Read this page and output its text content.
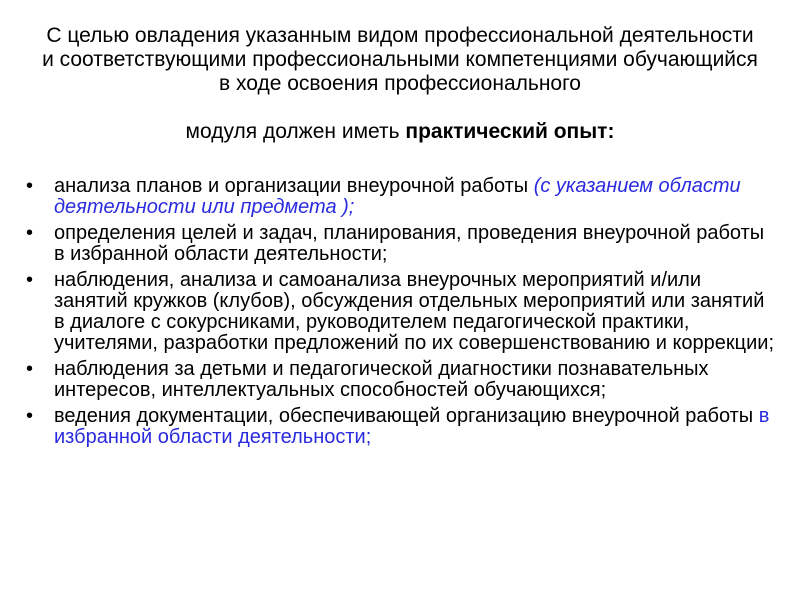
С целью овладения указанным видом профессиональной деятельности и соответствующими профессиональными компетенциями обучающийся в ходе освоения профессионального

модуля должен иметь практический опыт:

• анализа планов и организации внеурочной работы (с указанием области деятельности или предмета );
• определения целей и задач, планирования, проведения внеурочной работы в избранной области деятельности;
• наблюдения, анализа и самоанализа внеурочных мероприятий и/или занятий кружков (клубов), обсуждения отдельных мероприятий или занятий в диалоге с сокурсниками, руководителем педагогической практики, учителями, разработки предложений по их совершенствованию и коррекции;
• наблюдения за детьми и педагогической диагностики познавательных интересов, интеллектуальных способностей обучающихся;
• ведения документации, обеспечивающей организацию внеурочной работы в избранной области деятельности;
